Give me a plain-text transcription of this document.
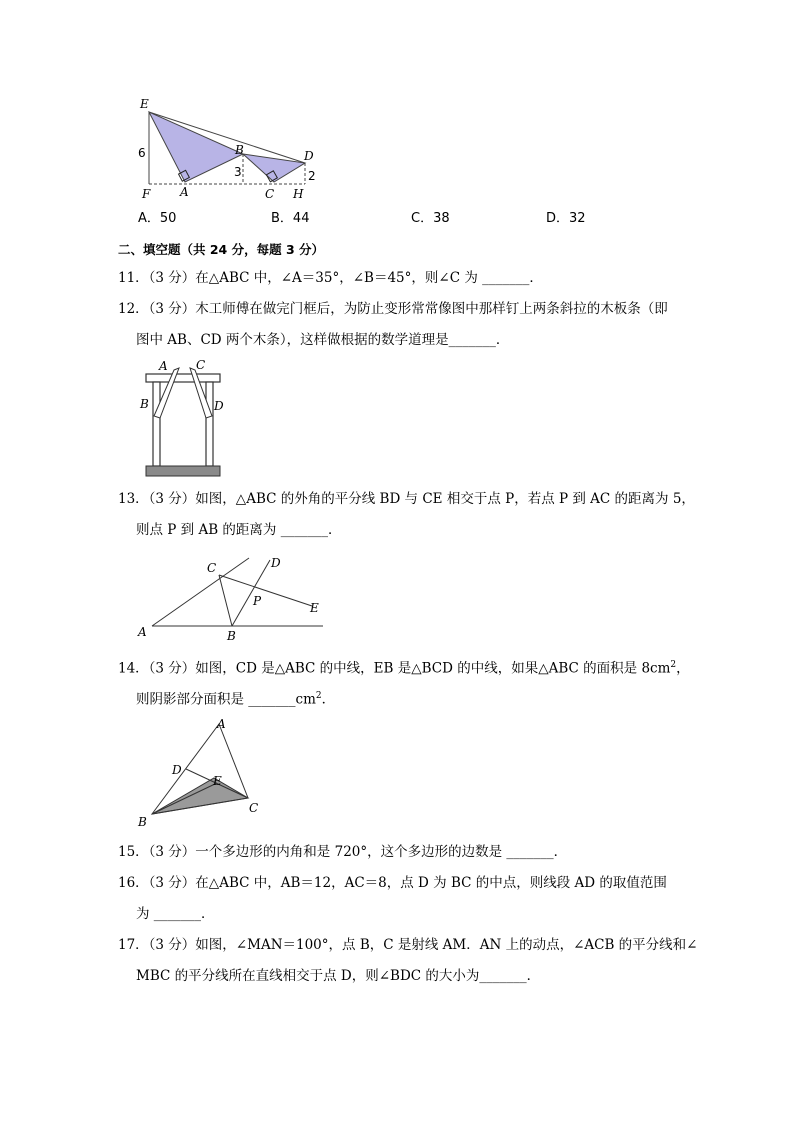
E
F A
B
C
D
H
6
3	2
A．50	B．44	C．38	D．32
二、填空题（共 24 分，每题 3 分）
11．（3 分）在△ABC 中，∠A＝35°，∠B＝45°，则∠C 为 _______．
12．（3 分）木工师傅在做完门框后，为防止变形常常像图中那样钉上两条斜拉的木板条（即
图中 AB、CD 两个木条），这样做根据的数学道理是_______．
A C
B	D
13．（3 分）如图，△ABC 的外角的平分线 BD 与 CE 相交于点 P，若点 P 到 AC 的距离为 5，
则点 P 到 AB 的距离为 _______．
A	B
C	D
E
P
14．（3 分）如图，CD 是△ABC 的中线，EB 是△BCD 的中线，如果△ABC 的面积是 $8cm^2$，
则阴影部分面积是 $\_\_\_\_\_\_\_cm^2$．
A
B
C
D
E
15．（3 分）一个多边形的内角和是 720°，这个多边形的边数是 _______．
16．（3 分）在△ABC 中，AB＝12，AC＝8，点 D 为 BC 的中点，则线段 AD 的取值范围
为 _______．
17．（3 分）如图，∠MAN＝100°，点 B，C 是射线 AM．AN 上的动点，∠ACB 的平分线和∠
MBC 的平分线所在直线相交于点 D，则∠BDC 的大小为_______．
